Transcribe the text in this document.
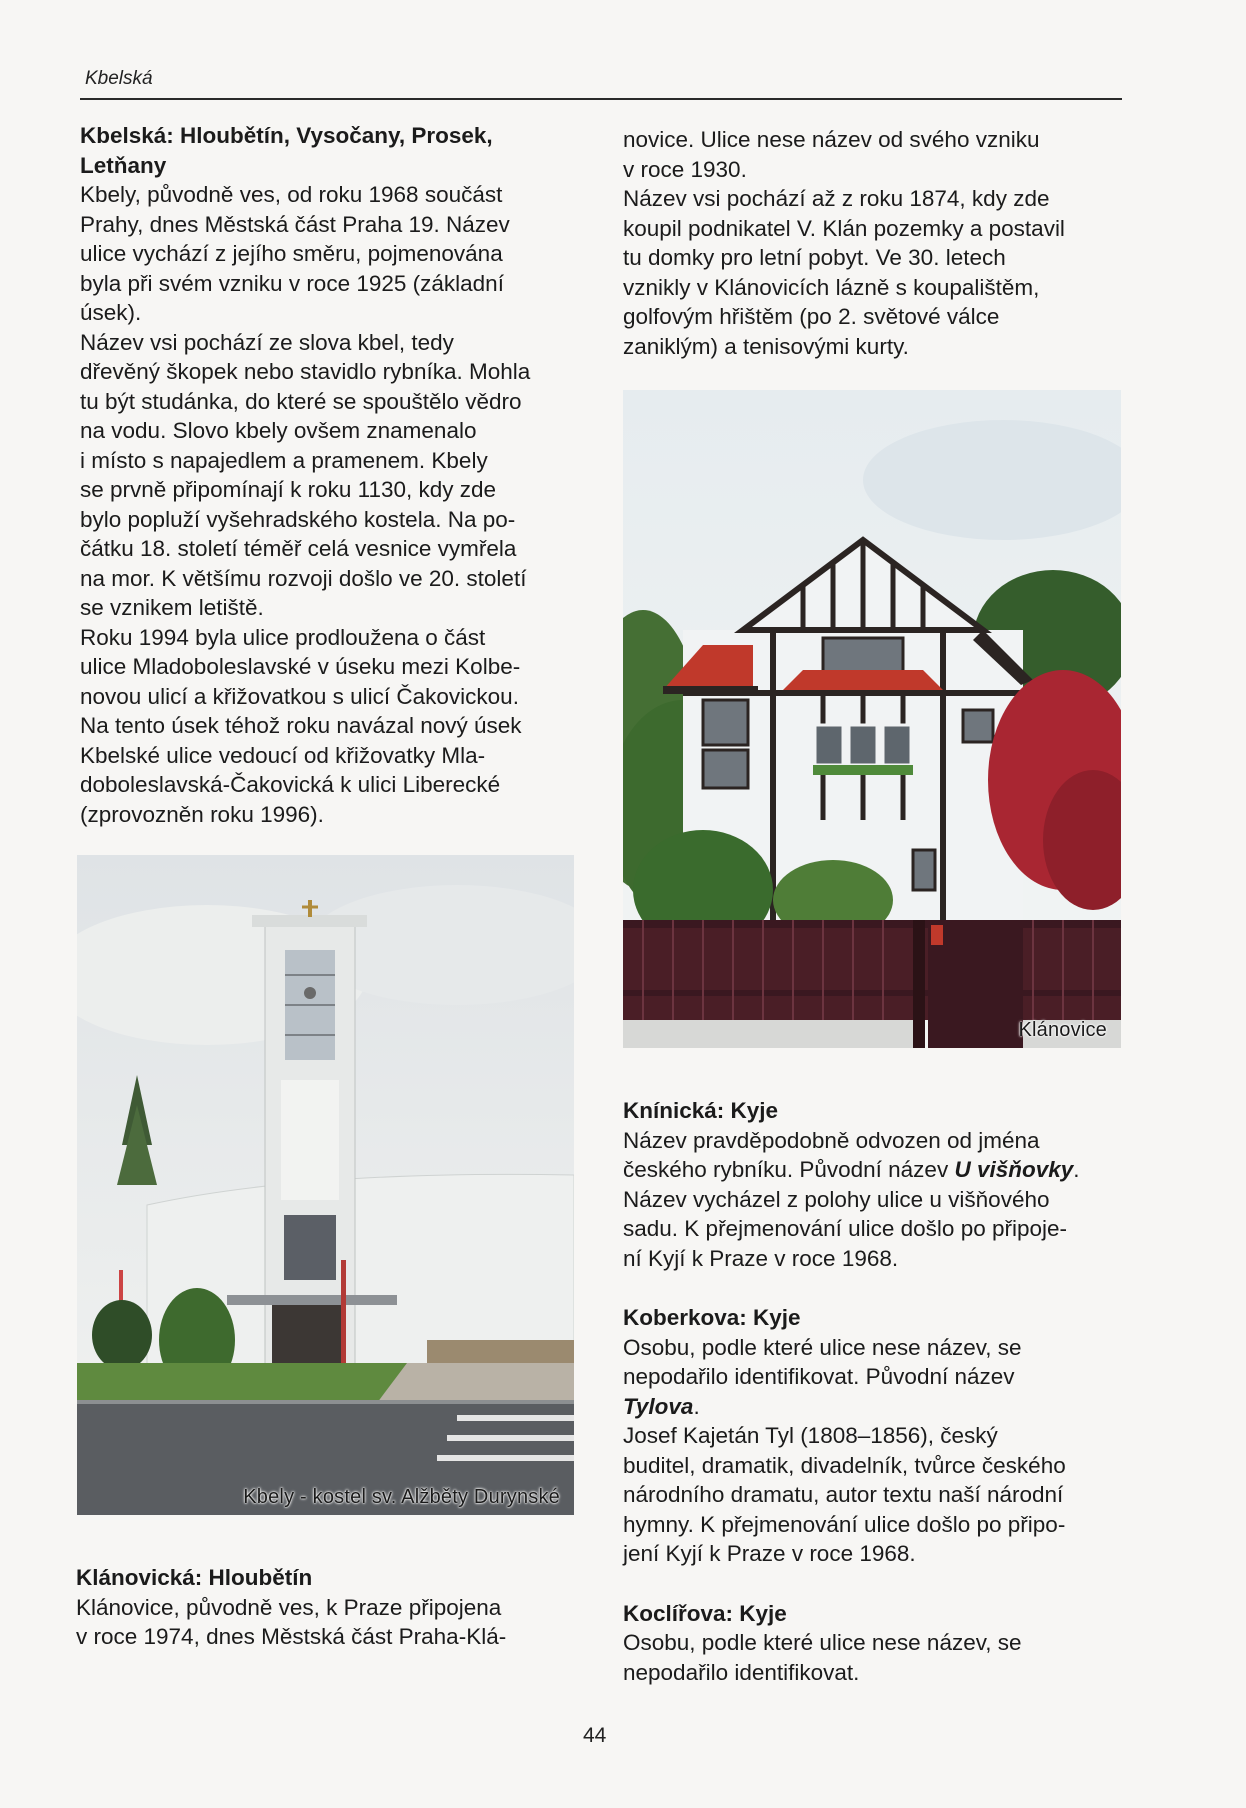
Kbelská
Kbelská: Hloubětín, Vysočany, Prosek, Letňany

Kbely, původně ves, od roku 1968 součást
Prahy, dnes Městská část Praha 19. Název
ulice vychází z jejího směru, pojmenována
byla při svém vzniku v roce 1925 (základní
úsek).

Název vsi pochází ze slova kbel, tedy
dřevěný škopek nebo stavidlo rybníka. Mohla
tu být studánka, do které se spouštělo vědro
na vodu. Slovo kbely ovšem znamenalo
i místo s napajedlem a pramenem. Kbely
se prvně připomínají k roku 1130, kdy zde
bylo popluží vyšehradského kostela. Na po-
čátku 18. století téměř celá vesnice vymřela
na mor. K většímu rozvoji došlo ve 20. století
se vznikem letiště.

Roku 1994 byla ulice prodloužena o část
ulice Mladoboleslavské v úseku mezi Kolbe-
novou ulicí a křižovatkou s ulicí Čakovickou.
Na tento úsek téhož roku navázal nový úsek
Kbelské ulice vedoucí od křižovatky Mla-
doboleslavská-Čakovická k ulici Liberecké
(zprovozněn roku 1996).

Kbely - kostel sv. Alžběty Durynské
Klánovická: Hloubětín

Klánovice, původně ves, k Praze připojena
v roce 1974, dnes Městská část Praha-Klá-

novice. Ulice nese název od svého vzniku
v roce 1930.

Název vsi pochází až z roku 1874, kdy zde
koupil podnikatel V. Klán pozemky a postavil
tu domky pro letní pobyt. Ve 30. letech
vznikly v Klánovicích lázně s koupalištěm,
golfovým hřištěm (po 2. světové válce
zaniklým) a tenisovými kurty.

Klánovice
Knínická: Kyje

Název pravděpodobně odvozen od jména
českého rybníku. Původní název U višňovky.
Název vycházel z polohy ulice u višňového
sadu. K přejmenování ulice došlo po připoje-
ní Kyjí k Praze v roce 1968.

Koberkova: Kyje

Osobu, podle které ulice nese název, se
nepodařilo identifikovat. Původní název
Tylova.

Josef Kajetán Tyl (1808–1856), český
buditel, dramatik, divadelník, tvůrce českého
národního dramatu, autor textu naší národní
hymny. K přejmenování ulice došlo po připo-
jení Kyjí k Praze v roce 1968.

Koclířova: Kyje

Osobu, podle které ulice nese název, se
nepodařilo identifikovat.

44
